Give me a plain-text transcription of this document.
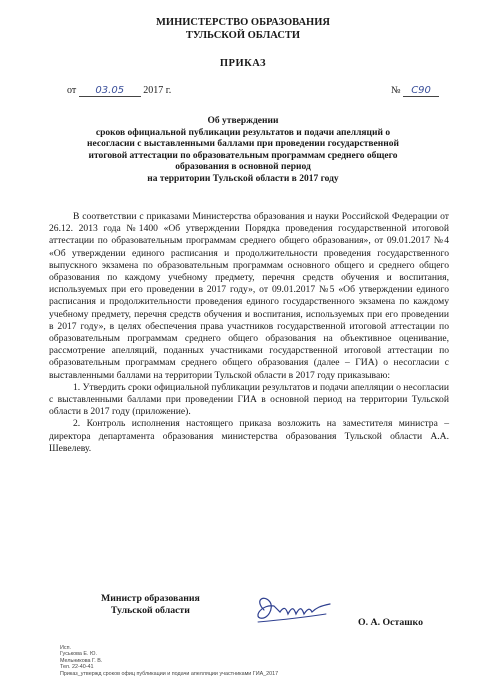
МИНИСТЕРСТВО ОБРАЗОВАНИЯ
ТУЛЬСКОЙ ОБЛАСТИ
ПРИКАЗ
от 03.05 2017 г.	№ С90
Об утверждении
сроков официальной публикации результатов и подачи апелляций о
несогласии с выставленными баллами при проведении государственной
итоговой аттестации по образовательным программам среднего общего
образования в основной период
на территории Тульской области в 2017 году

В соответствии с приказами Министерства образования и науки Российской Федерации от 26.12. 2013 года №1400 «Об утверждении Порядка проведения государственной итоговой аттестации по образовательным программам среднего общего образования», от 09.01.2017 №4 «Об утверждении единого расписания и продолжительности проведения государственного выпускного экзамена по образовательным программам основного общего и среднего общего образования по каждому учебному предмету, перечня средств обучения и воспитания, используемых при его проведении в 2017 году», от 09.01.2017 №5 «Об утверждении единого расписания и продолжительности проведения единого государственного экзамена по каждому учебному предмету, перечня средств обучения и воспитания, используемых при его проведении в 2017 году», в целях обеспечения права участников государственной итоговой аттестации по образовательным программам среднего общего образования на объективное оценивание, рассмотрение апелляций, поданных участниками государственной итоговой аттестации по образовательным программам среднего общего образования (далее – ГИА) о несогласии с выставленными баллами на территории Тульской области в 2017 году приказываю:

1. Утвердить сроки официальной публикации результатов и подачи апелляции о несогласии с выставленными баллами при проведении ГИА в основной период на территории Тульской области в 2017 году (приложение).

2. Контроль исполнения настоящего приказа возложить на заместителя министра – директора департамента образования министерства образования Тульской области А.А. Шевелеву.

Министр образования
Тульской области
О. А. Осташко
Исп.
Гуськова Е. Ю.
Мельникова Г. В.
Тел. 22-40-41
Приказ_утвержд сроков офиц публикации и подачи апелляции участниками ГИА_2017
